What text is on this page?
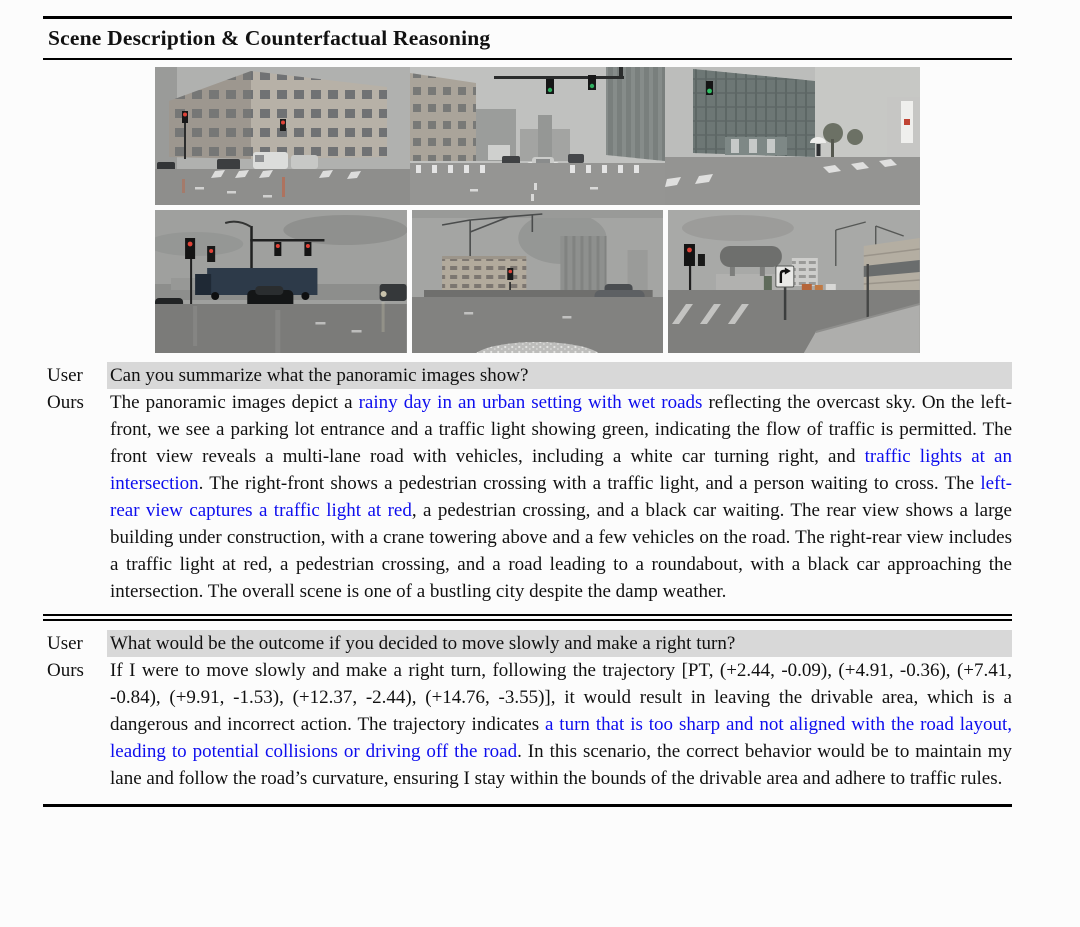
Scene Description & Counterfactual Reasoning
User	Can you summarize what the panoramic images show?
Ours	The panoramic images depict a rainy day in an urban setting with wet roads reflecting the overcast sky. On the left-front, we see a parking lot entrance and a traffic light showing green, indicating the flow of traffic is permitted. The front view reveals a multi-lane road with vehicles, including a white car turning right, and traffic lights at an intersection. The right-front shows a pedestrian crossing with a traffic light, and a person waiting to cross. The left-rear view captures a traffic light at red, a pedestrian crossing, and a black car waiting. The rear view shows a large building under construction, with a crane towering above and a few vehicles on the road. The right-rear view includes a traffic light at red, a pedestrian crossing, and a road leading to a roundabout, with a black car approaching the intersection. The overall scene is one of a bustling city despite the damp weather.
User	What would be the outcome if you decided to move slowly and make a right turn?
Ours	If I were to move slowly and make a right turn, following the trajectory [PT, (+2.44, -0.09), (+4.91, -0.36), (+7.41, -0.84), (+9.91, -1.53), (+12.37, -2.44), (+14.76, -3.55)], it would result in leaving the drivable area, which is a dangerous and incorrect action. The trajectory indicates a turn that is too sharp and not aligned with the road layout, leading to potential collisions or driving off the road. In this scenario, the correct behavior would be to maintain my lane and follow the road’s curvature, ensuring I stay within the bounds of the drivable area and adhere to traffic rules.
